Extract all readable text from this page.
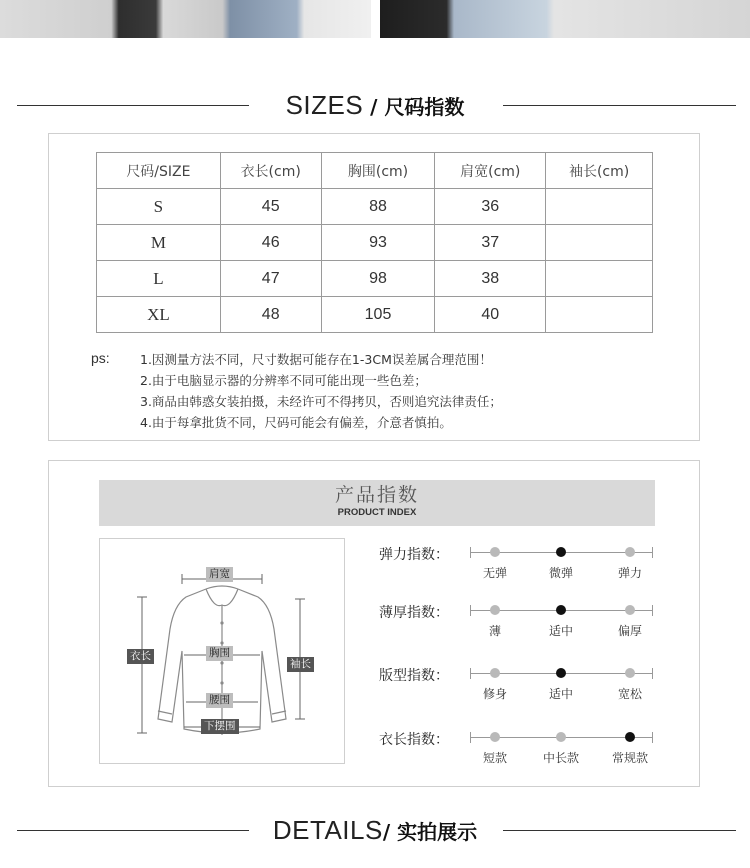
SIZES / 尺码指数
尺码/SIZE	衣长(cm)	胸围(cm)	肩宽(cm)	袖长(cm)
S	45	88	36	
M	46	93	37	
L	47	98	38	
XL	48	105	40	
ps: 1.因测量方法不同，尺寸数据可能存在1-3CM误差属合理范围！
2.由于电脑显示器的分辨率不同可能出现一些色差；
3.商品由韩惑女装拍摄，未经许可不得拷贝，否则追究法律责任；
4.由于每拿批货不同，尺码可能会有偏差，介意者慎拍。
产品指数
PRODUCT INDEX
肩宽
衣长	胸围
袖长
腰围
下摆围
弹力指数：
无弹	微弹	弹力
薄厚指数：
薄	适中	偏厚
版型指数：
修身	适中	宽松
衣长指数：
短款	中长款	常规款
DETAILS/ 实拍展示
